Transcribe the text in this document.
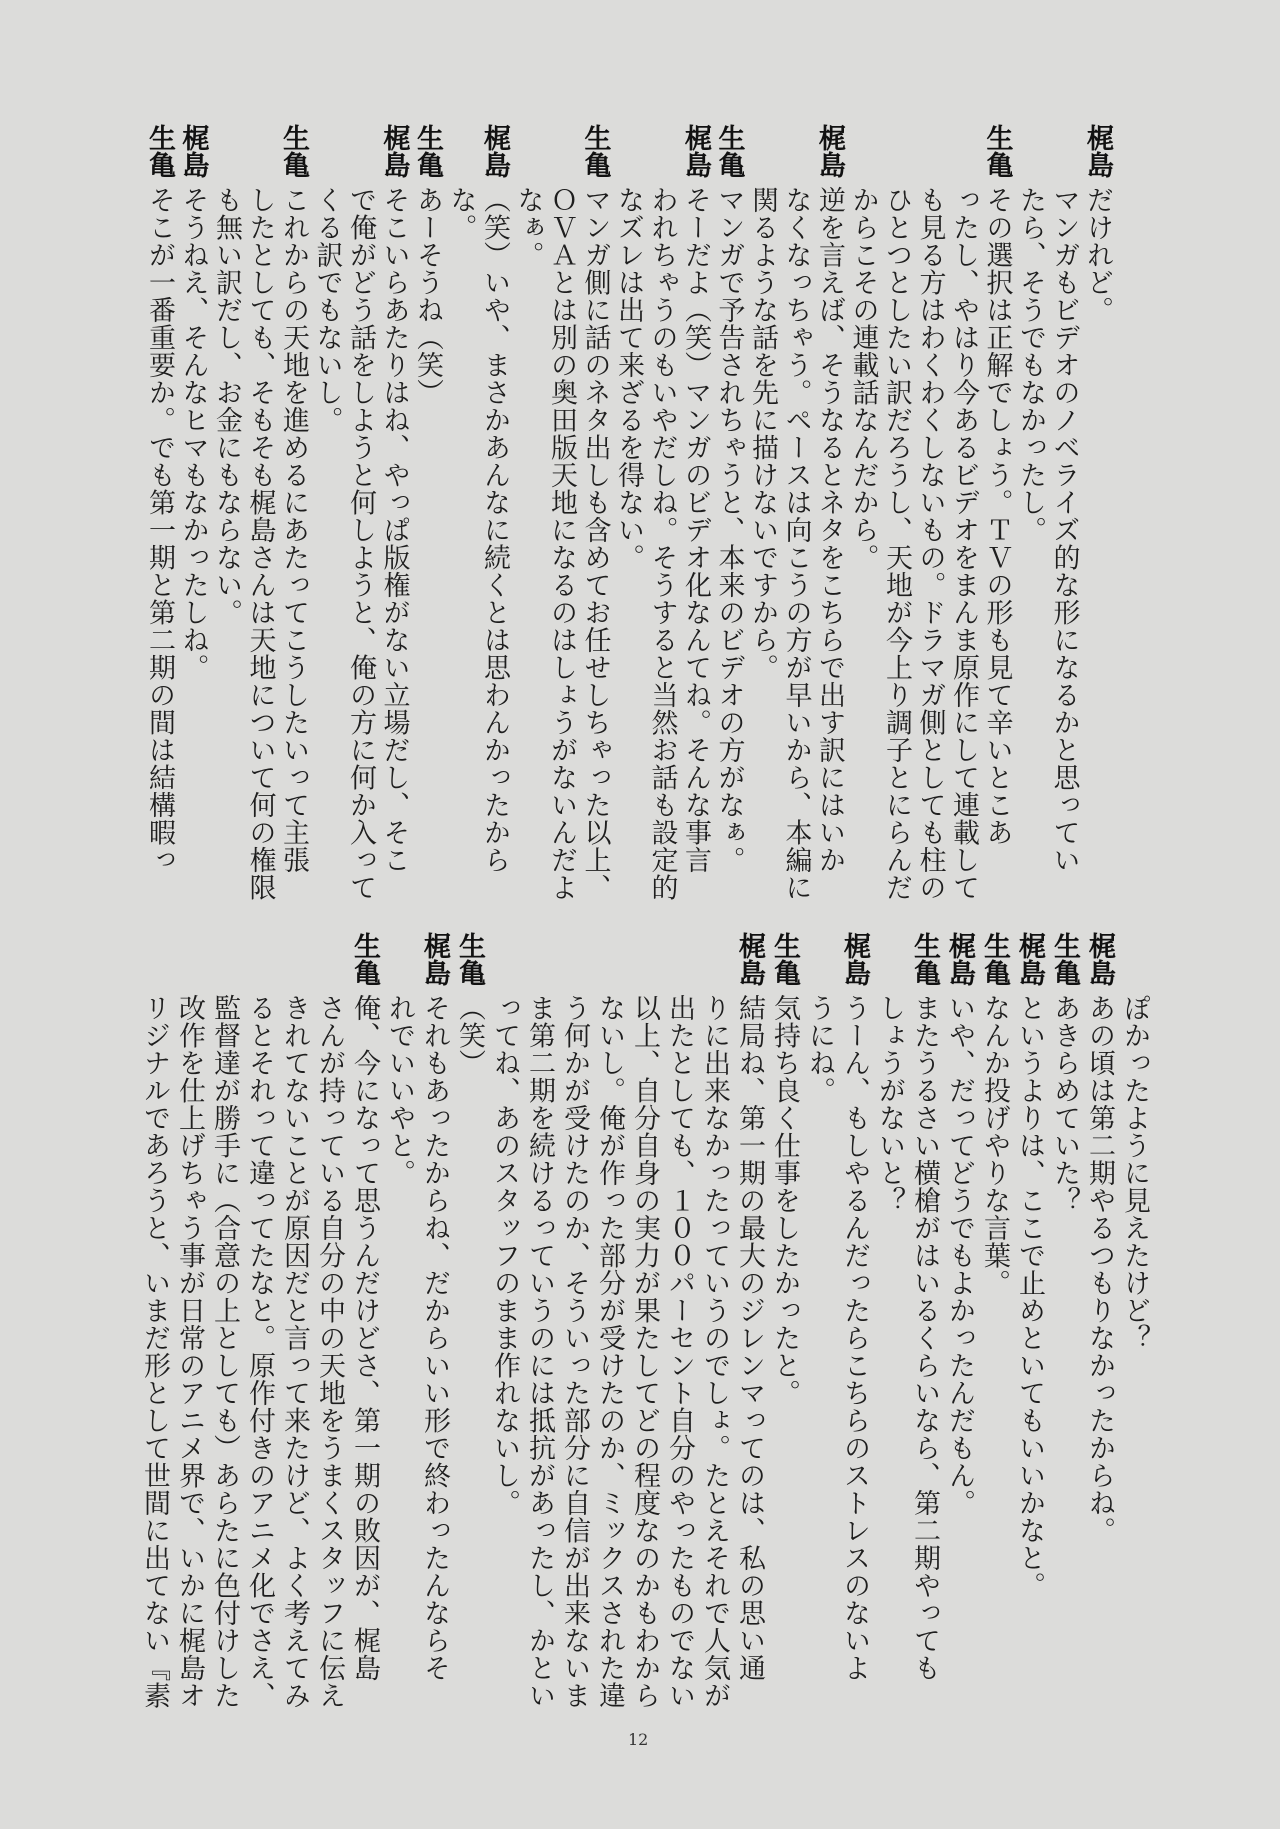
梶島だけれど。
マンガもビデオのノベライズ的な形になるかと思ってい
たら、そうでもなかったし。
生亀その選択は正解でしょう。ＴＶの形も見て辛いとこあ
ったし、やはり今あるビデオをまんま原作にして連載して
も見る方はわくわくしないもの。ドラマガ側としても柱の
ひとつとしたい訳だろうし、天地が今上り調子とにらんだ
からこその連載話なんだから。
梶島逆を言えば、そうなるとネタをこちらで出す訳にはいか
なくなっちゃう。ペースは向こうの方が早いから、本編に
関るような話を先に描けないですから。
生亀マンガで予告されちゃうと、本来のビデオの方がなぁ。
梶島そーだよ（笑）マンガのビデオ化なんてね。そんな事言
われちゃうのもいやだしね。そうすると当然お話も設定的
なズレは出て来ざるを得ない。
生亀マンガ側に話のネタ出しも含めてお任せしちゃった以上、
ＯＶＡとは別の奥田版天地になるのはしょうがないんだよ
なぁ。
梶島（笑）いや、まさかあんなに続くとは思わんかったから
な。
生亀あーそうね（笑）
梶島そこいらあたりはね、やっぱ版権がない立場だし、そこ
で俺がどう話をしようと何しようと、俺の方に何か入って
くる訳でもないし。
生亀これからの天地を進めるにあたってこうしたいって主張
したとしても、そもそも梶島さんは天地について何の権限
も無い訳だし、お金にもならない。
梶島そうねえ、そんなヒマもなかったしね。
生亀そこが一番重要か。でも第一期と第二期の間は結構暇っ
ぽかったように見えたけど？
梶島あの頃は第二期やるつもりなかったからね。
生亀あきらめていた？
梶島というよりは、ここで止めといてもいいかなと。
生亀なんか投げやりな言葉。
梶島いや、だってどうでもよかったんだもん。
生亀またうるさい横槍がはいるくらいなら、第二期やっても
しょうがないと？
梶島うーん、もしやるんだったらこちらのストレスのないよ
うにね。
生亀気持ち良く仕事をしたかったと。
梶島結局ね、第一期の最大のジレンマってのは、私の思い通
りに出来なかったっていうのでしょ。たとえそれで人気が
出たとしても、１００パーセント自分のやったものでない
以上、自分自身の実力が果たしてどの程度なのかもわから
ないし。俺が作った部分が受けたのか、ミックスされた違
う何かが受けたのか、そういった部分に自信が出来ないま
ま第二期を続けるっていうのには抵抗があったし、かとい
ってね、あのスタッフのまま作れないし。
生亀（笑）
梶島それもあったからね、だからいい形で終わったんならそ
れでいいやと。
生亀俺、今になって思うんだけどさ、第一期の敗因が、梶島
さんが持っている自分の中の天地をうまくスタッフに伝え
きれてないことが原因だと言って来たけど、よく考えてみ
るとそれって違ってたなと。原作付きのアニメ化でさえ、
監督達が勝手に（合意の上としても）あらたに色付けした
改作を仕上げちゃう事が日常のアニメ界で、いかに梶島オ
リジナルであろうと、いまだ形として世間に出てない『素
12
